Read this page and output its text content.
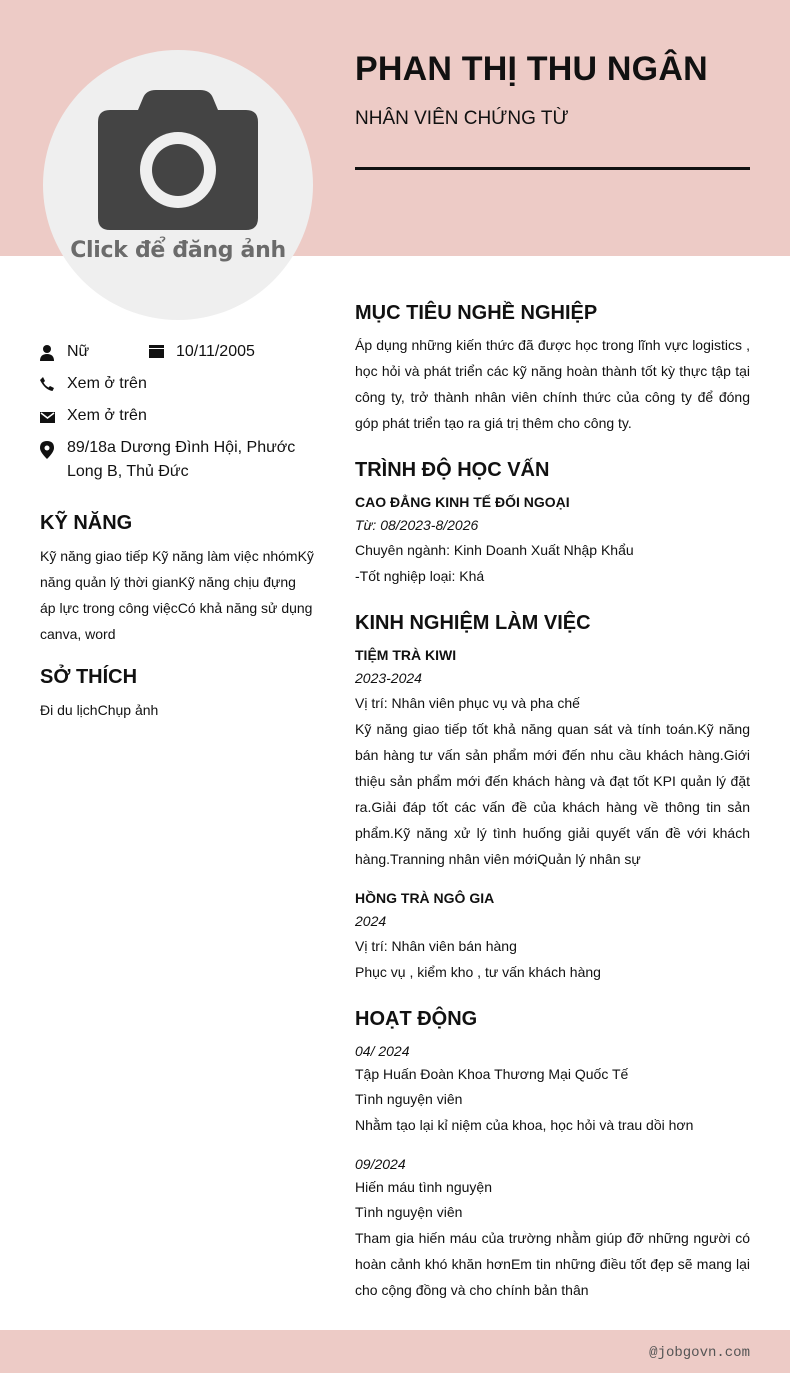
Click để đăng ảnh
PHAN THỊ THU NGÂN
NHÂN VIÊN CHỨNG TỪ
Nữ	10/11/2005
Xem ở trên
Xem ở trên
89/18a Dương Đình Hội, Phước Long B, Thủ Đức
KỸ NĂNG
Kỹ năng giao tiếp Kỹ năng làm việc nhómKỹ năng quản lý thời gianKỹ năng chịu đựng áp lực trong công việcCó khả năng sử dụng canva, word
SỞ THÍCH
Đi du lịchChụp ảnh
MỤC TIÊU NGHỀ NGHIỆP
Áp dụng những kiến thức đã được học trong lĩnh vực logistics , học hỏi và phát triển các kỹ năng hoàn thành tốt kỳ thực tập tại công ty, trở thành nhân viên chính thức của công ty để đóng góp phát triển tạo ra giá trị thêm cho công ty.
TRÌNH ĐỘ HỌC VẤN
CAO ĐẲNG KINH TẾ ĐỐI NGOẠI
Từ: 08/2023-8/2026
Chuyên ngành: Kinh Doanh Xuất Nhập Khẩu
-Tốt nghiệp loại: Khá
KINH NGHIỆM LÀM VIỆC
TIỆM TRÀ KIWI
2023-2024
Vị trí: Nhân viên phục vụ và pha chế
Kỹ năng giao tiếp tốt khả năng quan sát và tính toán.Kỹ năng bán hàng tư vấn sản phẩm mới đến nhu cầu khách hàng.Giới thiệu sản phẩm mới đến khách hàng và đạt tốt KPI quản lý đặt ra.Giải đáp tốt các vấn đề của khách hàng về thông tin sản phẩm.Kỹ năng xử lý tình huống giải quyết vấn đề với khách hàng.Tranning nhân viên mớiQuản lý nhân sự
HỒNG TRÀ NGÔ GIA
2024
Vị trí: Nhân viên bán hàng
Phục vụ , kiểm kho , tư vấn khách hàng
HOẠT ĐỘNG
04/ 2024
Tập Huấn Đoàn Khoa Thương Mại Quốc Tế
Tình nguyện viên
Nhằm tạo lại kỉ niệm của khoa, học hỏi và trau dồi hơn
09/2024
Hiến máu tình nguyện
Tình nguyện viên
Tham gia hiến máu của trường nhằm giúp đỡ những người có hoàn cảnh khó khăn hơnEm tin những điều tốt đẹp sẽ mang lại cho cộng đồng và cho chính bản thân
@jobgovn.com
